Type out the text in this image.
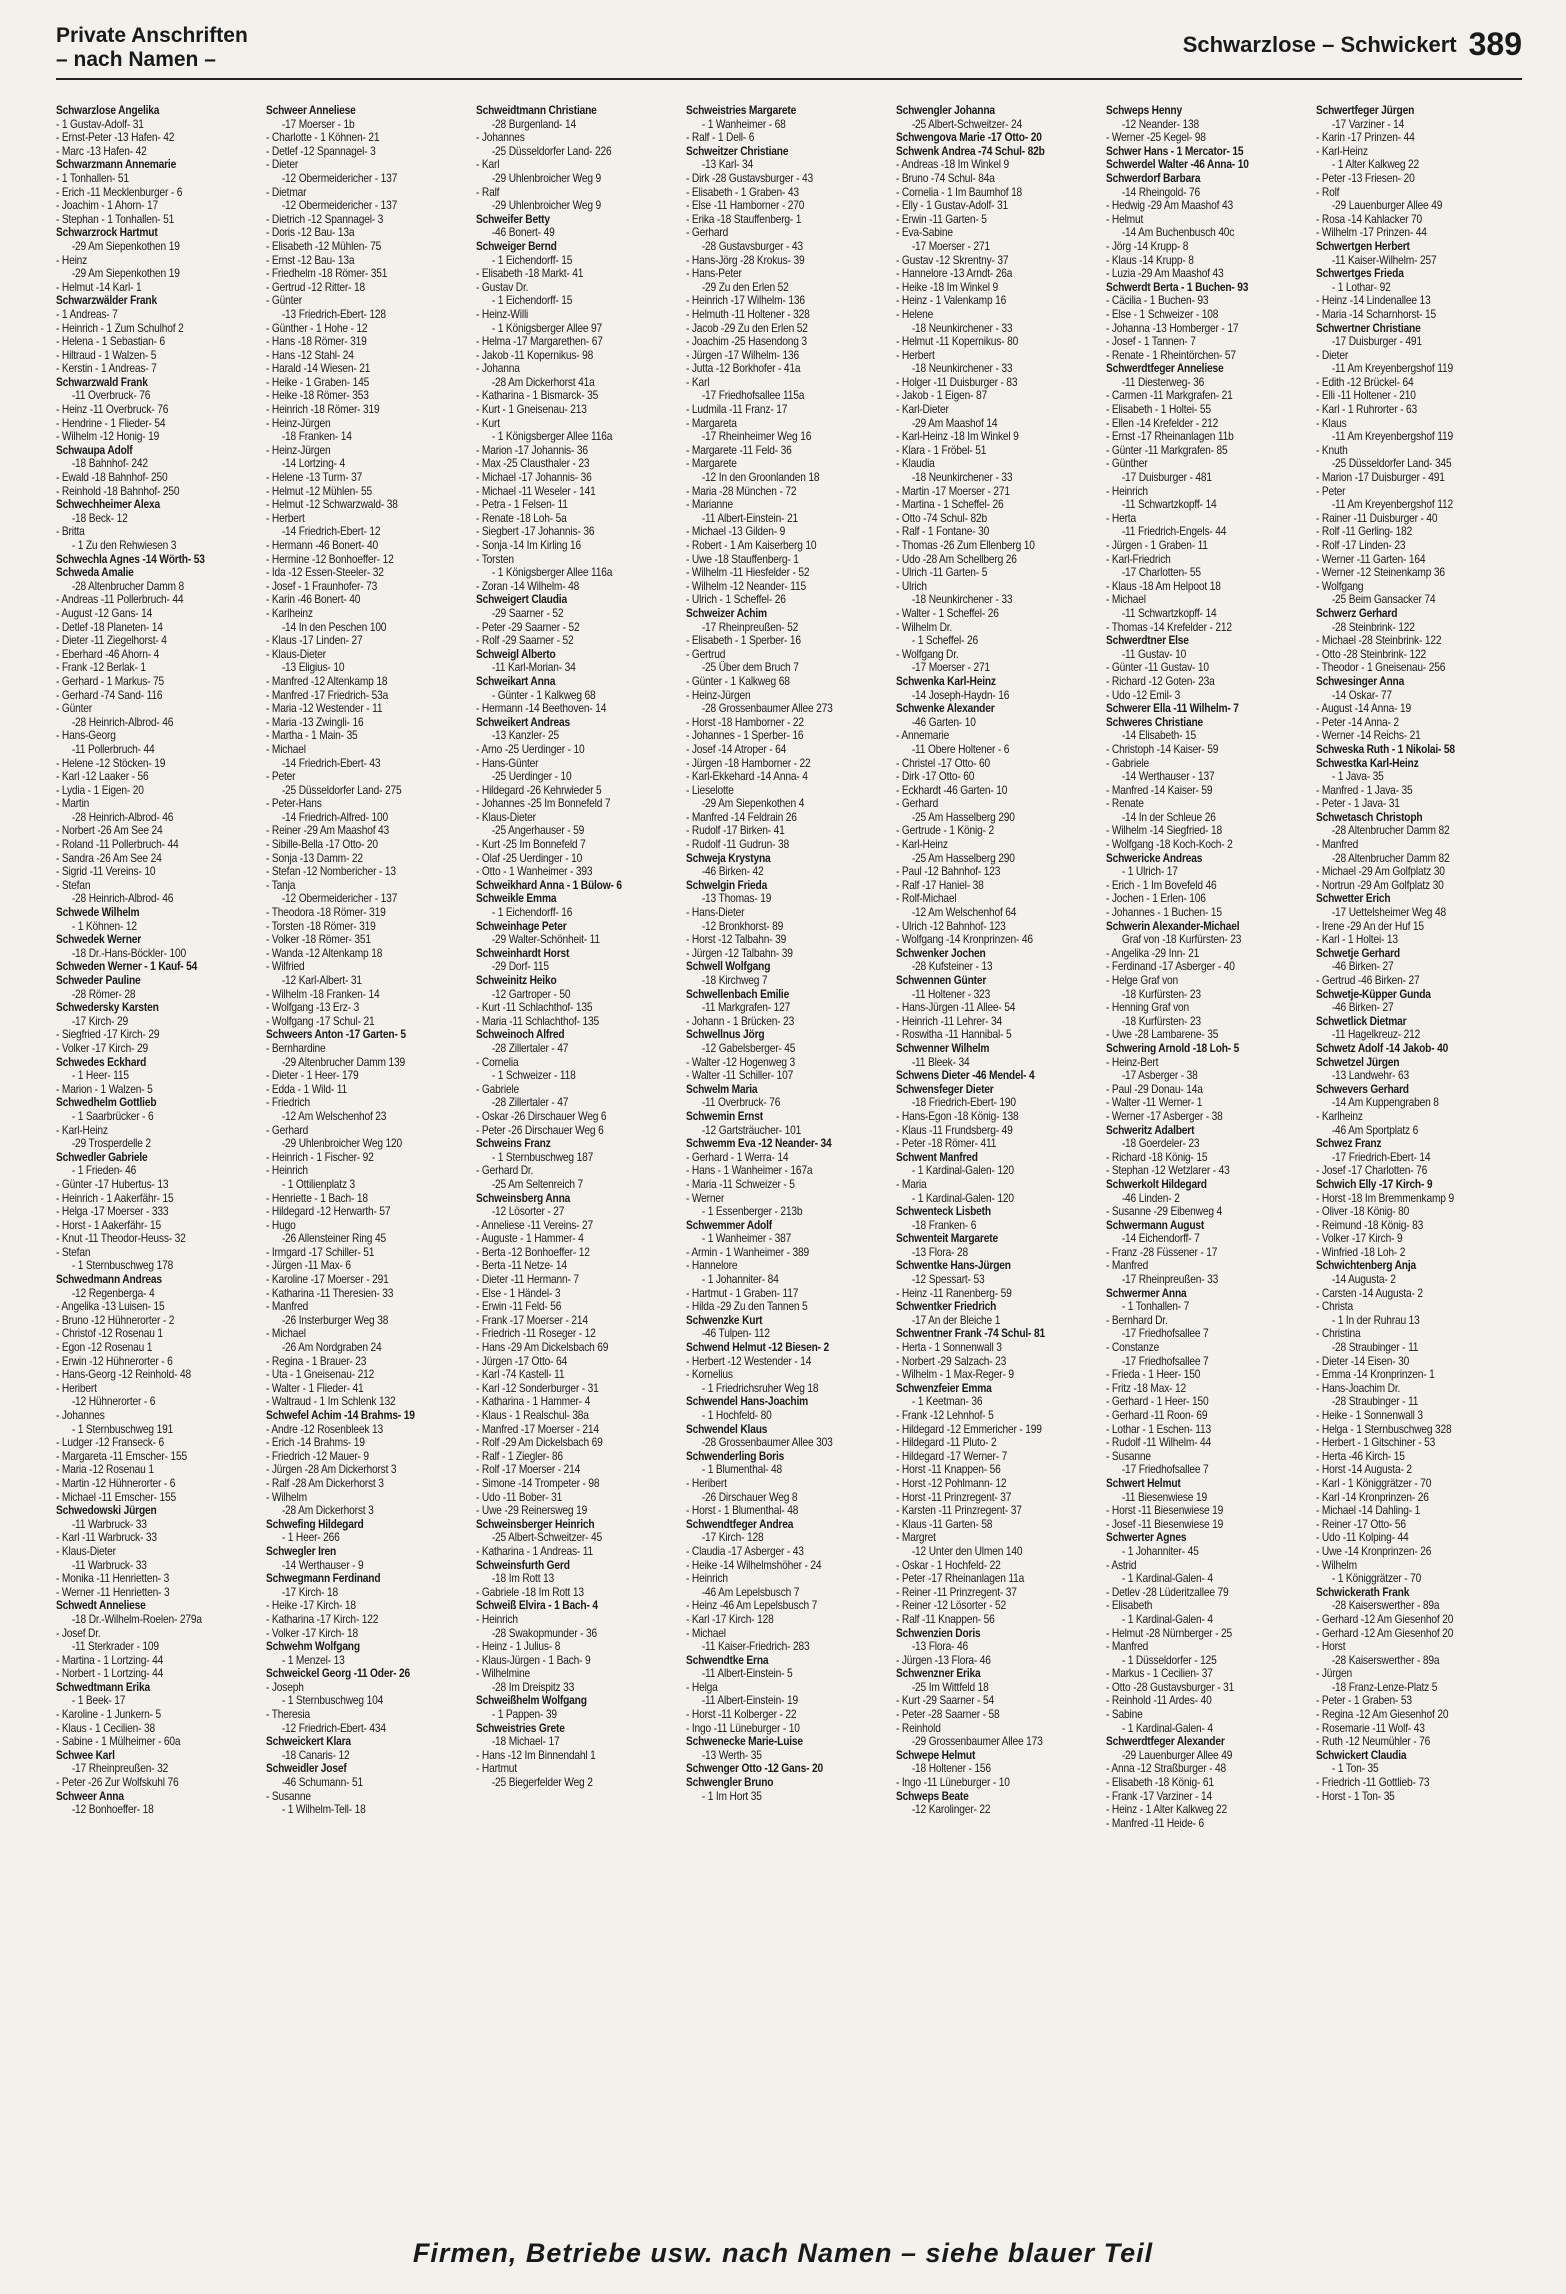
Private Anschriften
– nach Namen –
Schwarzlose – Schwickert 389
Schwarzlose Angelika
- 1 Gustav-Adolf- 31
- Ernst-Peter -13 Hafen- 42
- Marc -13 Hafen- 42
Schwarzmann Annemarie
- 1 Tonhallen- 51
- Erich -11 Mecklenburger - 6
- Joachim - 1 Ahorn- 17
- Stephan - 1 Tonhallen- 51
Schwarzrock Hartmut
-29 Am Siepenkothen 19
- Heinz
-29 Am Siepenkothen 19
- Helmut -14 Karl- 1
Schwarzwälder Frank
- 1 Andreas- 7
- Heinrich - 1 Zum Schulhof 2
- Helena - 1 Sebastian- 6
- Hiltraud - 1 Walzen- 5
- Kerstin - 1 Andreas- 7
Schwarzwald Frank
-11 Overbruck- 76
- Heinz -11 Overbruck- 76
- Hendrine - 1 Flieder- 54
- Wilhelm -12 Honig- 19
Schwaupa Adolf
-18 Bahnhof- 242
- Ewald -18 Bahnhof- 250
- Reinhold -18 Bahnhof- 250
Schwechheimer Alexa
-18 Beck- 12
- Britta
- 1 Zu den Rehwiesen 3
Schwechla Agnes -14 Wörth- 53
Schweda Amalie
-28 Altenbrucher Damm 8
- Andreas -11 Pollerbruch- 44
- August -12 Gans- 14
- Detlef -18 Planeten- 14
- Dieter -11 Ziegelhorst- 4
- Eberhard -46 Ahorn- 4
- Frank -12 Berlak- 1
- Gerhard - 1 Markus- 75
- Gerhard -74 Sand- 116
- Günter
-28 Heinrich-Albrod- 46
- Hans-Georg
-11 Pollerbruch- 44
- Helene -12 Stöcken- 19
- Karl -12 Laaker - 56
- Lydia - 1 Eigen- 20
- Martin
-28 Heinrich-Albrod- 46
- Norbert -26 Am See 24
- Roland -11 Pollerbruch- 44
- Sandra -26 Am See 24
- Sigrid -11 Vereins- 10
- Stefan
-28 Heinrich-Albrod- 46
Schwede Wilhelm
- 1 Köhnen- 12
Schwedek Werner
-18 Dr.-Hans-Böckler- 100
Schweden Werner - 1 Kauf- 54
Schweder Pauline
-28 Römer- 28
Schwedersky Karsten
-17 Kirch- 29
- Siegfried -17 Kirch- 29
- Volker -17 Kirch- 29
Schwedes Eckhard
- 1 Heer- 115
- Marion - 1 Walzen- 5
Schwedhelm Gottlieb
- 1 Saarbrücker - 6
- Karl-Heinz
-29 Trosperdelle 2
Schwedler Gabriele
- 1 Frieden- 46
- Günter -17 Hubertus- 13
- Heinrich - 1 Aakerfähr- 15
- Helga -17 Moerser - 333
- Horst - 1 Aakerfähr- 15
- Knut -11 Theodor-Heuss- 32
- Stefan
- 1 Sternbuschweg 178
Schwedmann Andreas
-12 Regenberga- 4
- Angelika -13 Luisen- 15
- Bruno -12 Hühnerorter - 2
- Christof -12 Rosenau 1
- Egon -12 Rosenau 1
- Erwin -12 Hühnerorter - 6
- Hans-Georg -12 Reinhold- 48
- Heribert
-12 Hühnerorter - 6
- Johannes
- 1 Sternbuschweg 191
- Ludger -12 Franseck- 6
- Margareta -11 Emscher- 155
- Maria -12 Rosenau 1
- Martin -12 Hühnerorter - 6
- Michael -11 Emscher- 155
Schwedowski Jürgen
-11 Warbruck- 33
- Karl -11 Warbruck- 33
- Klaus-Dieter
-11 Warbruck- 33
- Monika -11 Henrietten- 3
- Werner -11 Henrietten- 3
Schwedt Anneliese
-18 Dr.-Wilhelm-Roelen- 279a
- Josef Dr.
-11 Sterkrader - 109
- Martina - 1 Lortzing- 44
- Norbert - 1 Lortzing- 44
Schwedtmann Erika
- 1 Beek- 17
- Karoline - 1 Junkern- 5
- Klaus - 1 Cecilien- 38
- Sabine - 1 Mülheimer - 60a
Schwee Karl
-17 Rheinpreußen- 32
- Peter -26 Zur Wolfskuhl 76
Schweer Anna
-12 Bonhoeffer- 18
Schweer Anneliese
-17 Moerser - 1b
- Charlotte - 1 Köhnen- 21
- Detlef -12 Spannagel- 3
- Dieter
-12 Obermeidericher - 137
- Dietmar
-12 Obermeidericher - 137
- Dietrich -12 Spannagel- 3
- Doris -12 Bau- 13a
- Elisabeth -12 Mühlen- 75
- Ernst -12 Bau- 13a
- Friedhelm -18 Römer- 351
- Gertrud -12 Ritter- 18
- Günter
-13 Friedrich-Ebert- 128
- Günther - 1 Hohe - 12
- Hans -18 Römer- 319
- Hans -12 Stahl- 24
- Harald -14 Wiesen- 21
- Heike - 1 Graben- 145
- Heike -18 Römer- 353
- Heinrich -18 Römer- 319
- Heinz-Jürgen
-18 Franken- 14
- Heinz-Jürgen
-14 Lortzing- 4
- Helene -13 Turm- 37
- Helmut -12 Mühlen- 55
- Helmut -12 Schwarzwald- 38
- Herbert
-14 Friedrich-Ebert- 12
- Hermann -46 Bonert- 40
- Hermine -12 Bonhoeffer- 12
- Ida -12 Essen-Steeler- 32
- Josef - 1 Fraunhofer- 73
- Karin -46 Bonert- 40
- Karlheinz
-14 In den Peschen 100
- Klaus -17 Linden- 27
- Klaus-Dieter
-13 Eligius- 10
- Manfred -12 Altenkamp 18
- Manfred -17 Friedrich- 53a
- Maria -12 Westender - 11
- Maria -13 Zwingli- 16
- Martha - 1 Main- 35
- Michael
-14 Friedrich-Ebert- 43
- Peter
-25 Düsseldorfer Land- 275
- Peter-Hans
-14 Friedrich-Alfred- 100
- Reiner -29 Am Maashof 43
- Sibille-Bella -17 Otto- 20
- Sonja -13 Damm- 22
- Stefan -12 Nombericher - 13
- Tanja
-12 Obermeidericher - 137
- Theodora -18 Römer- 319
- Torsten -18 Römer- 319
- Volker -18 Römer- 351
- Wanda -12 Altenkamp 18
- Wilfried
-12 Karl-Albert- 31
- Wilhelm -18 Franken- 14
- Wolfgang -13 Erz- 3
- Wolfgang -17 Schul- 21
Schweers Anton -17 Garten- 5
- Bernhardine
-29 Altenbrucher Damm 139
- Dieter - 1 Heer- 179
- Edda - 1 Wild- 11
- Friedrich
-12 Am Welschenhof 23
- Gerhard
-29 Uhlenbroicher Weg 120
- Heinrich - 1 Fischer- 92
- Heinrich
- 1 Ottilienplatz 3
- Henriette - 1 Bach- 18
- Hildegard -12 Herwarth- 57
- Hugo
-26 Allensteiner Ring 45
- Irmgard -17 Schiller- 51
- Jürgen -11 Max- 6
- Karoline -17 Moerser - 291
- Katharina -11 Theresien- 33
- Manfred
-26 Insterburger Weg 38
- Michael
-26 Am Nordgraben 24
- Regina - 1 Brauer- 23
- Uta - 1 Gneisenau- 212
- Walter - 1 Flieder- 41
- Waltraud - 1 Im Schlenk 132
Schwefel Achim -14 Brahms- 19
- Andre -12 Rosenbleek 13
- Erich -14 Brahms- 19
- Friedrich -12 Mauer- 9
- Jürgen -28 Am Dickerhorst 3
- Ralf -28 Am Dickerhorst 3
- Wilhelm
-28 Am Dickerhorst 3
Schwefing Hildegard
- 1 Heer- 266
Schwegler Iren
-14 Werthauser - 9
Schwegmann Ferdinand
-17 Kirch- 18
- Heike -17 Kirch- 18
- Katharina -17 Kirch- 122
- Volker -17 Kirch- 18
Schwehm Wolfgang
- 1 Menzel- 13
Schweickel Georg -11 Oder- 26
- Joseph
- 1 Sternbuschweg 104
- Theresia
-12 Friedrich-Ebert- 434
Schweickert Klara
-18 Canaris- 12
Schweidler Josef
-46 Schumann- 51
- Susanne
- 1 Wilhelm-Tell- 18
Schweidtmann Christiane
-28 Burgenland- 14
- Johannes
-25 Düsseldorfer Land- 226
- Karl
-29 Uhlenbroicher Weg 9
- Ralf
-29 Uhlenbroicher Weg 9
Schweifer Betty
-46 Bonert- 49
Schweiger Bernd
- 1 Eichendorff- 15
- Elisabeth -18 Markt- 41
- Gustav Dr.
- 1 Eichendorff- 15
- Heinz-Willi
- 1 Königsberger Allee 97
- Helma -17 Margarethen- 67
- Jakob -11 Kopernikus- 98
- Johanna
-28 Am Dickerhorst 41a
- Katharina - 1 Bismarck- 35
- Kurt - 1 Gneisenau- 213
- Kurt
- 1 Königsberger Allee 116a
- Marion -17 Johannis- 36
- Max -25 Clausthaler - 23
- Michael -17 Johannis- 36
- Michael -11 Weseler - 141
- Petra - 1 Felsen- 11
- Renate -18 Loh- 5a
- Siegbert -17 Johannis- 36
- Sonja -14 Im Kirling 16
- Torsten
- 1 Königsberger Allee 116a
- Zoran -14 Wilhelm- 48
Schweigert Claudia
-29 Saarner - 52
- Peter -29 Saarner - 52
- Rolf -29 Saarner - 52
Schweigl Alberto
-11 Karl-Morian- 34
Schweikart Anna
- Günter - 1 Kalkweg 68
- Hermann -14 Beethoven- 14
Schweikert Andreas
-13 Kanzler- 25
- Arno -25 Uerdinger - 10
- Hans-Günter
-25 Uerdinger - 10
- Hildegard -26 Kehrwieder 5
- Johannes -25 Im Bonnefeld 7
- Klaus-Dieter
-25 Angerhauser - 59
- Kurt -25 Im Bonnefeld 7
- Olaf -25 Uerdinger - 10
- Otto - 1 Wanheimer - 393
Schweikhard Anna - 1 Bülow- 6
Schweikle Emma
- 1 Eichendorff- 16
Schweinhage Peter
-29 Walter-Schönheit- 11
Schweinhardt Horst
-29 Dorf- 115
Schweinitz Heiko
-12 Gartroper - 50
- Kurt -11 Schlachthof- 135
- Maria -11 Schlachthof- 135
Schweinoch Alfred
-28 Zillertaler - 47
- Cornelia
- 1 Schweizer - 118
- Gabriele
-28 Zillertaler - 47
- Oskar -26 Dirschauer Weg 6
- Peter -26 Dirschauer Weg 6
Schweins Franz
- 1 Sternbuschweg 187
- Gerhard Dr.
-25 Am Seltenreich 7
Schweinsberg Anna
-12 Lösorter - 27
- Anneliese -11 Vereins- 27
- Auguste - 1 Hammer- 4
- Berta -12 Bonhoeffer- 12
- Berta -11 Netze- 14
- Dieter -11 Hermann- 7
- Else - 1 Händel- 3
- Erwin -11 Feld- 56
- Frank -17 Moerser - 214
- Friedrich -11 Roseger - 12
- Hans -29 Am Dickelsbach 69
- Jürgen -17 Otto- 64
- Karl -74 Kastell- 11
- Karl -12 Sonderburger - 31
- Katharina - 1 Hammer- 4
- Klaus - 1 Realschul- 38a
- Manfred -17 Moerser - 214
- Rolf -29 Am Dickelsbach 69
- Ralf - 1 Ziegler- 86
- Rolf -17 Moerser - 214
- Simone -14 Trompeter - 98
- Udo -11 Bober- 31
- Uwe -29 Reinersweg 19
Schweinsberger Heinrich
-25 Albert-Schweitzer- 45
- Katharina - 1 Andreas- 11
Schweinsfurth Gerd
-18 Im Rott 13
- Gabriele -18 Im Rott 13
Schweiß Elvira - 1 Bach- 4
- Heinrich
-28 Swakopmunder - 36
- Heinz - 1 Julius- 8
- Klaus-Jürgen - 1 Bach- 9
- Wilhelmine
-28 Im Dreispitz 33
Schweißhelm Wolfgang
- 1 Pappen- 39
Schweistries Grete
-18 Michael- 17
- Hans -12 Im Binnendahl 1
- Hartmut
-25 Biegerfelder Weg 2
Schweistries Margarete
- 1 Wanheimer - 68
- Ralf - 1 Dell- 6
Schweitzer Christiane
-13 Karl- 34
- Dirk -28 Gustavsburger - 43
- Elisabeth - 1 Graben- 43
- Else -11 Hamborner - 270
- Erika -18 Stauffenberg- 1
- Gerhard
-28 Gustavsburger - 43
- Hans-Jörg -28 Krokus- 39
- Hans-Peter
-29 Zu den Erlen 52
- Heinrich -17 Wilhelm- 136
- Helmuth -11 Holtener - 328
- Jacob -29 Zu den Erlen 52
- Joachim -25 Hasendong 3
- Jürgen -17 Wilhelm- 136
- Jutta -12 Borkhofer - 41a
- Karl
-17 Friedhofsallee 115a
- Ludmila -11 Franz- 17
- Margareta
-17 Rheinheimer Weg 16
- Margarete -11 Feld- 36
- Margarete
-12 In den Groonlanden 18
- Maria -28 München - 72
- Marianne
-11 Albert-Einstein- 21
- Michael -13 Gilden- 9
- Robert - 1 Am Kaiserberg 10
- Uwe -18 Stauffenberg- 1
- Wilhelm -11 Hiesfelder - 52
- Wilhelm -12 Neander- 115
- Ulrich - 1 Scheffel- 26
Schweizer Achim
-17 Rheinpreußen- 52
- Elisabeth - 1 Sperber- 16
- Gertrud
-25 Über dem Bruch 7
- Günter - 1 Kalkweg 68
- Heinz-Jürgen
-28 Grossenbaumer Allee 273
- Horst -18 Hamborner - 22
- Johannes - 1 Sperber- 16
- Josef -14 Atroper - 64
- Jürgen -18 Hamborner - 22
- Karl-Ekkehard -14 Anna- 4
- Lieselotte
-29 Am Siepenkothen 4
- Manfred -14 Feldrain 26
- Rudolf -17 Birken- 41
- Rudolf -11 Gudrun- 38
Schweja Krystyna
-46 Birken- 42
Schwelgin Frieda
-13 Thomas- 19
- Hans-Dieter
-12 Bronkhorst- 89
- Horst -12 Talbahn- 39
- Jürgen -12 Talbahn- 39
Schwell Wolfgang
-18 Kirchweg 7
Schwellenbach Emilie
-11 Markgrafen- 127
- Johann - 1 Brücken- 23
Schwellnus Jörg
-12 Gabelsberger- 45
- Walter -12 Hogenweg 3
- Walter -11 Schiller- 107
Schwelm Maria
-11 Overbruck- 76
Schwemin Ernst
-12 Gartsträucher- 101
Schwemm Eva -12 Neander- 34
- Gerhard - 1 Werra- 14
- Hans - 1 Wanheimer - 167a
- Maria -11 Schweizer - 5
- Werner
- 1 Essenberger - 213b
Schwemmer Adolf
- 1 Wanheimer - 387
- Armin - 1 Wanheimer - 389
- Hannelore
- 1 Johanniter- 84
- Hartmut - 1 Graben- 117
- Hilda -29 Zu den Tannen 5
Schwenzke Kurt
-46 Tulpen- 112
Schwend Helmut -12 Biesen- 2
- Herbert -12 Westender - 14
- Kornelius
- 1 Friedrichsruher Weg 18
Schwendel Hans-Joachim
- 1 Hochfeld- 80
Schwendel Klaus
-28 Grossenbaumer Allee 303
Schwenderling Boris
- 1 Blumenthal- 48
- Heribert
-26 Dirschauer Weg 8
- Horst - 1 Blumenthal- 48
Schwendtfeger Andrea
-17 Kirch- 128
- Claudia -17 Asberger - 43
- Heike -14 Wilhelmshöher - 24
- Heinrich
-46 Am Lepelsbusch 7
- Heinz -46 Am Lepelsbusch 7
- Karl -17 Kirch- 128
- Michael
-11 Kaiser-Friedrich- 283
Schwendtke Erna
-11 Albert-Einstein- 5
- Helga
-11 Albert-Einstein- 19
- Horst -11 Kolberger - 22
- Ingo -11 Lüneburger - 10
Schwenecke Marie-Luise
-13 Werth- 35
Schwenger Otto -12 Gans- 20
Schwengler Bruno
- 1 Im Hort 35
Schwengler Johanna
-25 Albert-Schweitzer- 24
Schwengova Marie -17 Otto- 20
Schwenk Andrea -74 Schul- 82b
- Andreas -18 Im Winkel 9
- Bruno -74 Schul- 84a
- Cornelia - 1 Im Baumhof 18
- Elly - 1 Gustav-Adolf- 31
- Erwin -11 Garten- 5
- Eva-Sabine
-17 Moerser - 271
- Gustav -12 Skrentny- 37
- Hannelore -13 Arndt- 26a
- Heike -18 Im Winkel 9
- Heinz - 1 Valenkamp 16
- Helene
-18 Neunkirchener - 33
- Helmut -11 Kopernikus- 80
- Herbert
-18 Neunkirchener - 33
- Holger -11 Duisburger - 83
- Jakob - 1 Eigen- 87
- Karl-Dieter
-29 Am Maashof 14
- Karl-Heinz -18 Im Winkel 9
- Klara - 1 Fröbel- 51
- Klaudia
-18 Neunkirchener - 33
- Martin -17 Moerser - 271
- Martina - 1 Scheffel- 26
- Otto -74 Schul- 82b
- Ralf - 1 Fontane- 30
- Thomas -26 Zum Ellenberg 10
- Udo -28 Am Schellberg 26
- Ulrich -11 Garten- 5
- Ulrich
-18 Neunkirchener - 33
- Walter - 1 Scheffel- 26
- Wilhelm Dr.
- 1 Scheffel- 26
- Wolfgang Dr.
-17 Moerser - 271
Schwenka Karl-Heinz
-14 Joseph-Haydn- 16
Schwenke Alexander
-46 Garten- 10
- Annemarie
-11 Obere Holtener - 6
- Christel -17 Otto- 60
- Dirk -17 Otto- 60
- Eckhardt -46 Garten- 10
- Gerhard
-25 Am Hasselberg 290
- Gertrude - 1 König- 2
- Karl-Heinz
-25 Am Hasselberg 290
- Paul -12 Bahnhof- 123
- Ralf -17 Haniel- 38
- Rolf-Michael
-12 Am Welschenhof 64
- Ulrich -12 Bahnhof- 123
- Wolfgang -14 Kronprinzen- 46
Schwenker Jochen
-28 Kufsteiner - 13
Schwennen Günter
-11 Holtener - 323
- Hans-Jürgen -11 Allee- 54
- Heinrich -11 Lehrer- 34
- Roswitha -11 Hannibal- 5
Schwenner Wilhelm
-11 Bleek- 34
Schwens Dieter -46 Mendel- 4
Schwensfeger Dieter
-18 Friedrich-Ebert- 190
- Hans-Egon -18 König- 138
- Klaus -11 Frundsberg- 49
- Peter -18 Römer- 411
Schwent Manfred
- 1 Kardinal-Galen- 120
- Maria
- 1 Kardinal-Galen- 120
Schwenteck Lisbeth
-18 Franken- 6
Schwenteit Margarete
-13 Flora- 28
Schwentke Hans-Jürgen
-12 Spessart- 53
- Heinz -11 Ranenberg- 59
Schwentker Friedrich
-17 An der Bleiche 1
Schwentner Frank -74 Schul- 81
- Herta - 1 Sonnenwall 3
- Norbert -29 Salzach- 23
- Wilhelm - 1 Max-Reger- 9
Schwenzfeier Emma
- 1 Keetman- 36
- Frank -12 Lehnhof- 5
- Hildegard -12 Emmericher - 199
- Hildegard -11 Pluto- 2
- Hildegard -17 Werner- 7
- Horst -11 Knappen- 56
- Horst -12 Pohlmann- 12
- Horst -11 Prinzregent- 37
- Karsten -11 Prinzregent- 37
- Klaus -11 Garten- 58
- Margret
-12 Unter den Ulmen 140
- Oskar - 1 Hochfeld- 22
- Peter -17 Rheinanlagen 11a
- Reiner -11 Prinzregent- 37
- Reiner -12 Lösorter - 52
- Ralf -11 Knappen- 56
Schwenzien Doris
-13 Flora- 46
- Jürgen -13 Flora- 46
Schwenzner Erika
-25 Im Wittfeld 18
- Kurt -29 Saarner - 54
- Peter -28 Saarner - 58
- Reinhold
-29 Grossenbaumer Allee 173
Schwepe Helmut
-18 Holtener - 156
- Ingo -11 Lüneburger - 10
Schweps Beate
-12 Karolinger- 22
Schweps Henny
-12 Neander- 138
- Werner -25 Kegel- 98
Schwer Hans - 1 Mercator- 15
Schwerdel Walter -46 Anna- 10
Schwerdorf Barbara
-14 Rheingold- 76
- Hedwig -29 Am Maashof 43
- Helmut
-14 Am Buchenbusch 40c
- Jörg -14 Krupp- 8
- Klaus -14 Krupp- 8
- Luzia -29 Am Maashof 43
Schwerdt Berta - 1 Buchen- 93
- Cäcilia - 1 Buchen- 93
- Else - 1 Schweizer - 108
- Johanna -13 Homberger - 17
- Josef - 1 Tannen- 7
- Renate - 1 Rheintörchen- 57
Schwerdtfeger Anneliese
-11 Diesterweg- 36
- Carmen -11 Markgrafen- 21
- Elisabeth - 1 Holtei- 55
- Ellen -14 Krefelder - 212
- Ernst -17 Rheinanlagen 11b
- Günter -11 Markgrafen- 85
- Günther
-17 Duisburger - 481
- Heinrich
-11 Schwartzkopff- 14
- Herta
-11 Friedrich-Engels- 44
- Jürgen - 1 Graben- 11
- Karl-Friedrich
-17 Charlotten- 55
- Klaus -18 Am Helpoot 18
- Michael
-11 Schwartzkopff- 14
- Thomas -14 Krefelder - 212
Schwerdtner Else
-11 Gustav- 10
- Günter -11 Gustav- 10
- Richard -12 Goten- 23a
- Udo -12 Emil- 3
Schwerer Ella -11 Wilhelm- 7
Schweres Christiane
-14 Elisabeth- 15
- Christoph -14 Kaiser- 59
- Gabriele
-14 Werthauser - 137
- Manfred -14 Kaiser- 59
- Renate
-14 In der Schleue 26
- Wilhelm -14 Siegfried- 18
- Wolfgang -18 Koch-Koch- 2
Schwericke Andreas
- 1 Ulrich- 17
- Erich - 1 Im Bovefeld 46
- Jochen - 1 Erlen- 106
- Johannes - 1 Buchen- 15
Schwerin Alexander-Michael
Graf von -18 Kurfürsten- 23
- Angelika -29 Inn- 21
- Ferdinand -17 Asberger - 40
- Helge Graf von
-18 Kurfürsten- 23
- Henning Graf von
-18 Kurfürsten- 23
- Uwe -28 Lambarene- 35
Schwering Arnold -18 Loh- 5
- Heinz-Bert
-17 Asberger - 38
- Paul -29 Donau- 14a
- Walter -11 Werner- 1
- Werner -17 Asberger - 38
Schweritz Adalbert
-18 Goerdeler- 23
- Richard -18 König- 15
- Stephan -12 Wetzlarer - 43
Schwerkolt Hildegard
-46 Linden- 2
- Susanne -29 Eibenweg 4
Schwermann August
-14 Eichendorff- 7
- Franz -28 Füssener - 17
- Manfred
-17 Rheinpreußen- 33
Schwermer Anna
- 1 Tonhallen- 7
- Bernhard Dr.
-17 Friedhofsallee 7
- Constanze
-17 Friedhofsallee 7
- Frieda - 1 Heer- 150
- Fritz -18 Max- 12
- Gerhard - 1 Heer- 150
- Gerhard -11 Roon- 69
- Lothar - 1 Eschen- 113
- Rudolf -11 Wilhelm- 44
- Susanne
-17 Friedhofsallee 7
Schwert Helmut
-11 Biesenwiese 19
- Horst -11 Biesenwiese 19
- Josef -11 Biesenwiese 19
Schwerter Agnes
- 1 Johanniter- 45
- Astrid
- 1 Kardinal-Galen- 4
- Detlev -28 Lüderitzallee 79
- Elisabeth
- 1 Kardinal-Galen- 4
- Helmut -28 Nürnberger - 25
- Manfred
- 1 Düsseldorfer - 125
- Markus - 1 Cecilien- 37
- Otto -28 Gustavsburger - 31
- Reinhold -11 Ardes- 40
- Sabine
- 1 Kardinal-Galen- 4
Schwerdtfeger Alexander
-29 Lauenburger Allee 49
- Anna -12 Straßburger - 48
- Elisabeth -18 König- 61
- Frank -17 Varziner - 14
- Heinz - 1 Alter Kalkweg 22
- Manfred -11 Heide- 6
Schwertfeger Jürgen
-17 Varziner - 14
- Karin -17 Prinzen- 44
- Karl-Heinz
- 1 Alter Kalkweg 22
- Peter -13 Friesen- 20
- Rolf
-29 Lauenburger Allee 49
- Rosa -14 Kahlacker 70
- Wilhelm -17 Prinzen- 44
Schwertgen Herbert
-11 Kaiser-Wilhelm- 257
Schwertges Frieda
- 1 Lothar- 92
- Heinz -14 Lindenallee 13
- Maria -14 Scharnhorst- 15
Schwertner Christiane
-17 Duisburger - 491
- Dieter
-11 Am Kreyenbergshof 119
- Edith -12 Brückel- 64
- Elli -11 Holtener - 210
- Karl - 1 Ruhrorter - 63
- Klaus
-11 Am Kreyenbergshof 119
- Knuth
-25 Düsseldorfer Land- 345
- Marion -17 Duisburger - 491
- Peter
-11 Am Kreyenbergshof 112
- Rainer -11 Duisburger - 40
- Rolf -11 Gerling- 182
- Rolf -17 Linden- 23
- Werner -11 Garten- 164
- Werner -12 Steinenkamp 36
- Wolfgang
-25 Beim Gansacker 74
Schwerz Gerhard
-28 Steinbrink- 122
- Michael -28 Steinbrink- 122
- Otto -28 Steinbrink- 122
- Theodor - 1 Gneisenau- 256
Schwesinger Anna
-14 Oskar- 77
- August -14 Anna- 19
- Peter -14 Anna- 2
- Werner -14 Reichs- 21
Schweska Ruth - 1 Nikolai- 58
Schwestka Karl-Heinz
- 1 Java- 35
- Manfred - 1 Java- 35
- Peter - 1 Java- 31
Schwetasch Christoph
-28 Altenbrucher Damm 82
- Manfred
-28 Altenbrucher Damm 82
- Michael -29 Am Golfplatz 30
- Nortrun -29 Am Golfplatz 30
Schwetter Erich
-17 Uettelsheimer Weg 48
- Irene -29 An der Huf 15
- Karl - 1 Holtei- 13
Schwetje Gerhard
-46 Birken- 27
- Gertrud -46 Birken- 27
Schwetje-Küpper Gunda
-46 Birken- 27
Schwetlick Dietmar
-11 Hagelkreuz- 212
Schwetz Adolf -14 Jakob- 40
Schwetzel Jürgen
-13 Landwehr- 63
Schwevers Gerhard
-14 Am Kuppengraben 8
- Karlheinz
-46 Am Sportplatz 6
Schwez Franz
-17 Friedrich-Ebert- 14
- Josef -17 Charlotten- 76
Schwich Elly -17 Kirch- 9
- Horst -18 Im Bremmenkamp 9
- Oliver -18 König- 80
- Reimund -18 König- 83
- Volker -17 Kirch- 9
- Winfried -18 Loh- 2
Schwichtenberg Anja
-14 Augusta- 2
- Carsten -14 Augusta- 2
- Christa
- 1 In der Ruhrau 13
- Christina
-28 Straubinger - 11
- Dieter -14 Eisen- 30
- Emma -14 Kronprinzen- 1
- Hans-Joachim Dr.
-28 Straubinger - 11
- Heike - 1 Sonnenwall 3
- Helga - 1 Sternbuschweg 328
- Herbert - 1 Gitschiner - 53
- Herta -46 Kirch- 15
- Horst -14 Augusta- 2
- Karl - 1 Königgrätzer - 70
- Karl -14 Kronprinzen- 26
- Michael -14 Dahling- 1
- Reiner -17 Otto- 56
- Udo -11 Kolping- 44
- Uwe -14 Kronprinzen- 26
- Wilhelm
- 1 Königgrätzer - 70
Schwickerath Frank
-28 Kaiserswerther - 89a
- Gerhard -12 Am Giesenhof 20
- Gerhard -12 Am Giesenhof 20
- Horst
-28 Kaiserswerther - 89a
- Jürgen
-18 Franz-Lenze-Platz 5
- Peter - 1 Graben- 53
- Regina -12 Am Giesenhof 20
- Rosemarie -11 Wolf- 43
- Ruth -12 Neumühler - 76
Schwickert Claudia
- 1 Ton- 35
- Friedrich -11 Gottlieb- 73
- Horst - 1 Ton- 35
Firmen, Betriebe usw. nach Namen – siehe blauer Teil
